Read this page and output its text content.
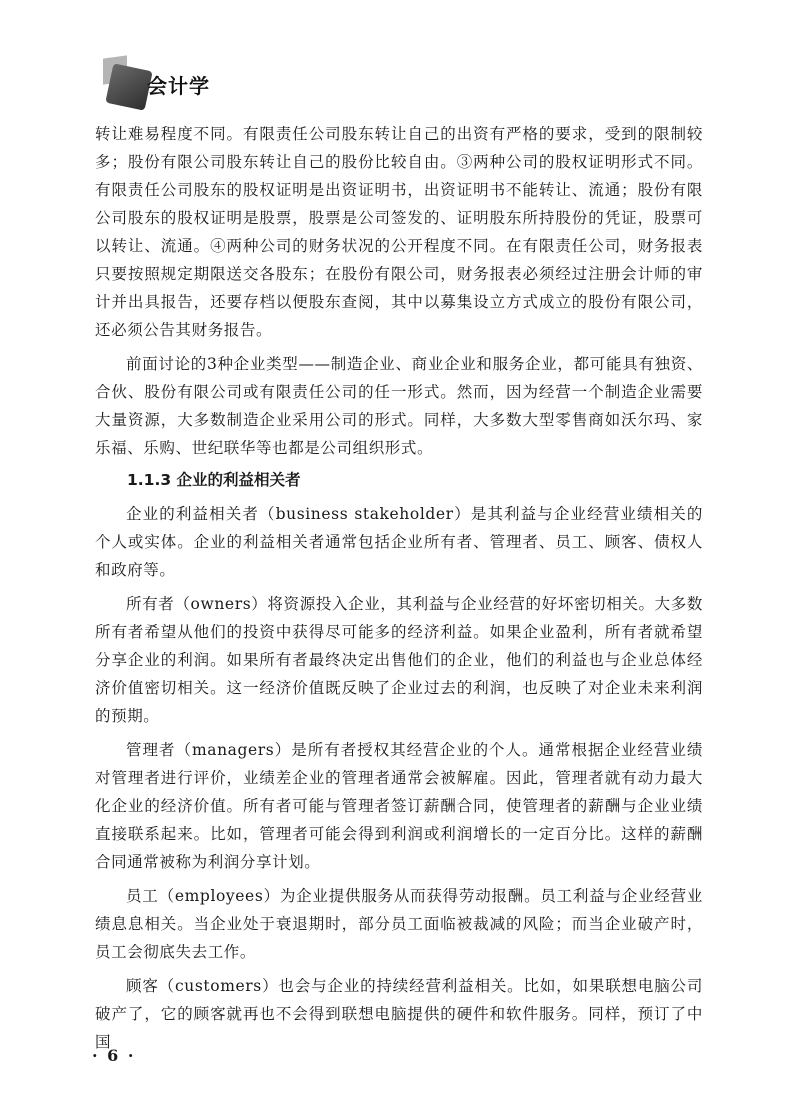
会计学

转让难易程度不同。有限责任公司股东转让自己的出资有严格的要求，受到的限制较多；股份有限公司股东转让自己的股份比较自由。③两种公司的股权证明形式不同。有限责任公司股东的股权证明是出资证明书，出资证明书不能转让、流通；股份有限公司股东的股权证明是股票，股票是公司签发的、证明股东所持股份的凭证，股票可以转让、流通。④两种公司的财务状况的公开程度不同。在有限责任公司，财务报表只要按照规定期限送交各股东；在股份有限公司，财务报表必须经过注册会计师的审计并出具报告，还要存档以便股东查阅，其中以募集设立方式成立的股份有限公司，还必须公告其财务报告。

前面讨论的3种企业类型——制造企业、商业企业和服务企业，都可能具有独资、合伙、股份有限公司或有限责任公司的任一形式。然而，因为经营一个制造企业需要大量资源，大多数制造企业采用公司的形式。同样，大多数大型零售商如沃尔玛、家乐福、乐购、世纪联华等也都是公司组织形式。

1.1.3 企业的利益相关者

企业的利益相关者（business stakeholder）是其利益与企业经营业绩相关的个人或实体。企业的利益相关者通常包括企业所有者、管理者、员工、顾客、债权人和政府等。

所有者（owners）将资源投入企业，其利益与企业经营的好坏密切相关。大多数所有者希望从他们的投资中获得尽可能多的经济利益。如果企业盈利，所有者就希望分享企业的利润。如果所有者最终决定出售他们的企业，他们的利益也与企业总体经济价值密切相关。这一经济价值既反映了企业过去的利润，也反映了对企业未来利润的预期。

管理者（managers）是所有者授权其经营企业的个人。通常根据企业经营业绩对管理者进行评价，业绩差企业的管理者通常会被解雇。因此，管理者就有动力最大化企业的经济价值。所有者可能与管理者签订薪酬合同，使管理者的薪酬与企业业绩直接联系起来。比如，管理者可能会得到利润或利润增长的一定百分比。这样的薪酬合同通常被称为利润分享计划。

员工（employees）为企业提供服务从而获得劳动报酬。员工利益与企业经营业绩息息相关。当企业处于衰退期时，部分员工面临被裁减的风险；而当企业破产时，员工会彻底失去工作。

顾客（customers）也会与企业的持续经营利益相关。比如，如果联想电脑公司破产了，它的顾客就再也不会得到联想电脑提供的硬件和软件服务。同样，预订了中国

· 6 ·
